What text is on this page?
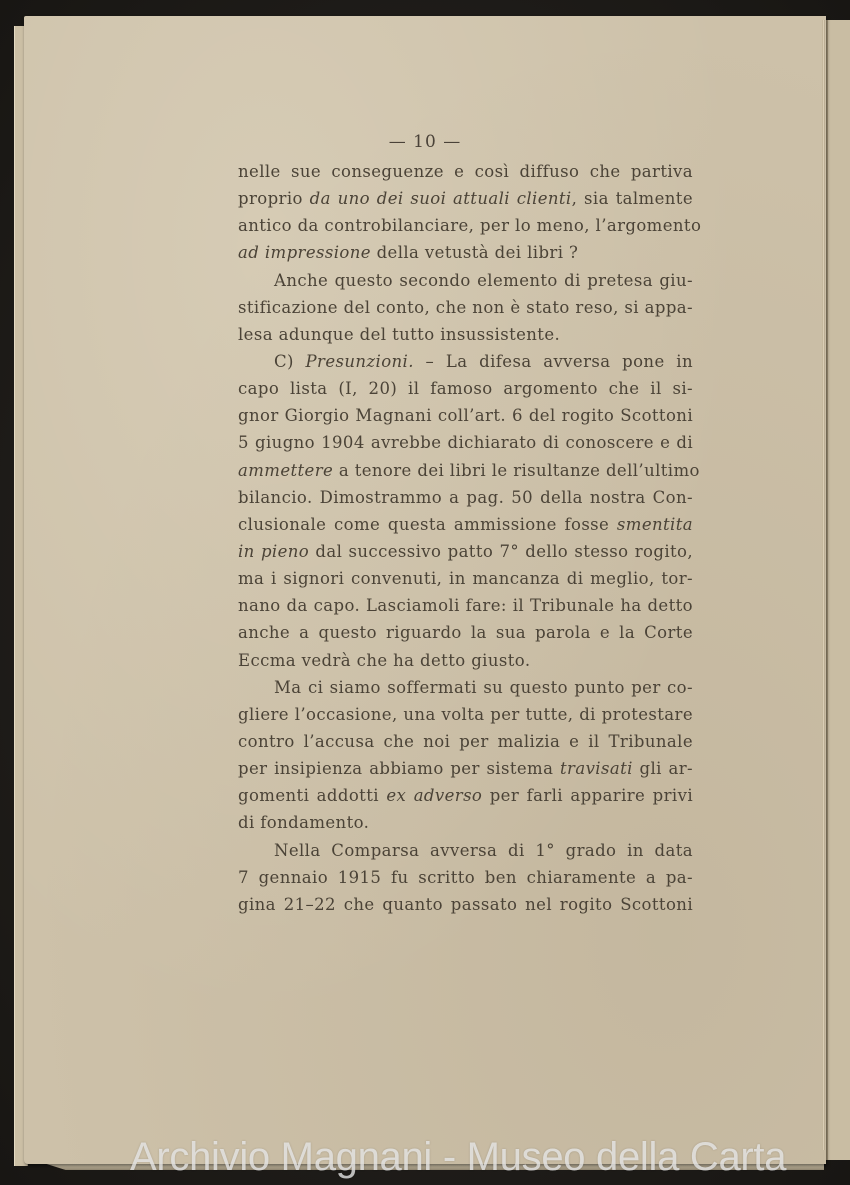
— 10 —
nelle sue conseguenze e così diffuso che partiva
proprio da uno dei suoi attuali clienti, sia talmente
antico da controbilanciare, per lo meno, l’argomento
ad impressione della vetustà dei libri ?
Anche questo secondo elemento di pretesa giu-
stificazione del conto, che non è stato reso, si appa-
lesa adunque del tutto insussistente.
C) Presunzioni. – La difesa avversa pone in
capo lista (I, 20) il famoso argomento che il si-
gnor Giorgio Magnani coll’art. 6 del rogito Scottoni
5 giugno 1904 avrebbe dichiarato di conoscere e di
ammettere a tenore dei libri le risultanze dell’ultimo
bilancio. Dimostrammo a pag. 50 della nostra Con-
clusionale come questa ammissione fosse smentita
in pieno dal successivo patto 7° dello stesso rogito,
ma i signori convenuti, in mancanza di meglio, tor-
nano da capo. Lasciamoli fare: il Tribunale ha detto
anche a questo riguardo la sua parola e la Corte
Eccma vedrà che ha detto giusto.
Ma ci siamo soffermati su questo punto per co-
gliere l’occasione, una volta per tutte, di protestare
contro l’accusa che noi per malizia e il Tribunale
per insipienza abbiamo per sistema travisati gli ar-
gomenti addotti ex adverso per farli apparire privi
di fondamento.
Nella Comparsa avversa di 1° grado in data
7 gennaio 1915 fu scritto ben chiaramente a pa-
gina 21–22 che quanto passato nel rogito Scottoni
Archivio Magnani - Museo della Carta
